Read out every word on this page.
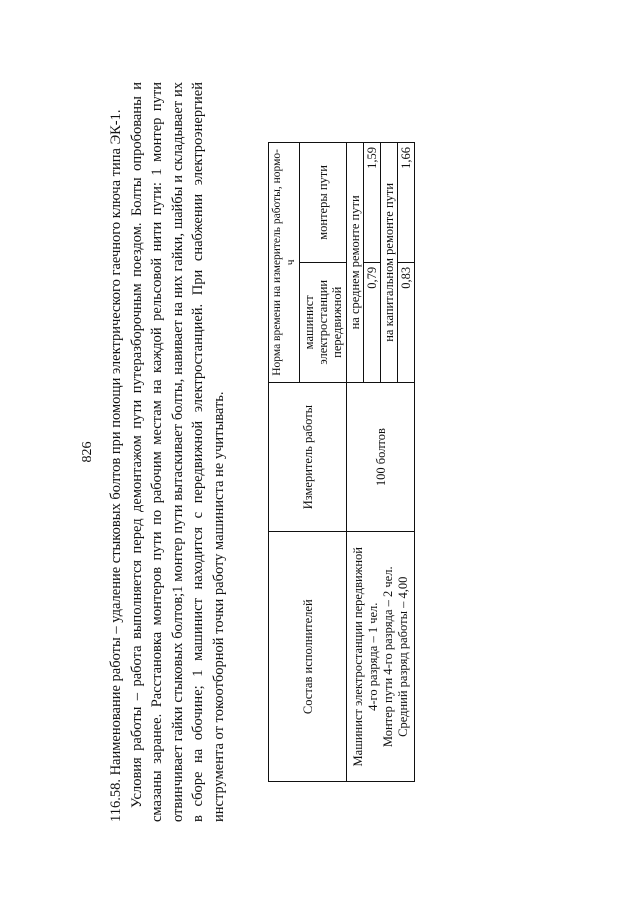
826 116.58. Наименование работы – удаление стыковых болтов при помощи электрического гаечного ключа типа ЭК-1. Условия работы – работа выполняется перед демонтажом пути путеразборочным поездом. Болты опробованы и смазаны заранее. Расстановка монтеров пути по рабочим местам на каждой рельсовой нити пути: 1 монтер пути отвинчивает гайки стыковых болтов;1 монтер пути вытаскивает болты, навивает на них гайки, шайбы и складывает их в сборе на обочине; 1 машинист находится с передвижной электростанцией. При снабжении электроэнергией инструмента от токоотборной точки работу машиниста не учитывать.	Состав исполнителей	Измеритель работы	Норма времени на измеритель работы, нормо-ч	
		машинист электростанции передвижной	монтеры пути

Машинист электростанции передвижной 4-го разряда – 1 чел. Монтер пути 4-го разряда – 2 чел. Средний разряд работы – 4,00	100 болтов	на среднем ремонте пути	
		0,79	1,59
		на капитальном ремонте пути	
		0,83	1,66
